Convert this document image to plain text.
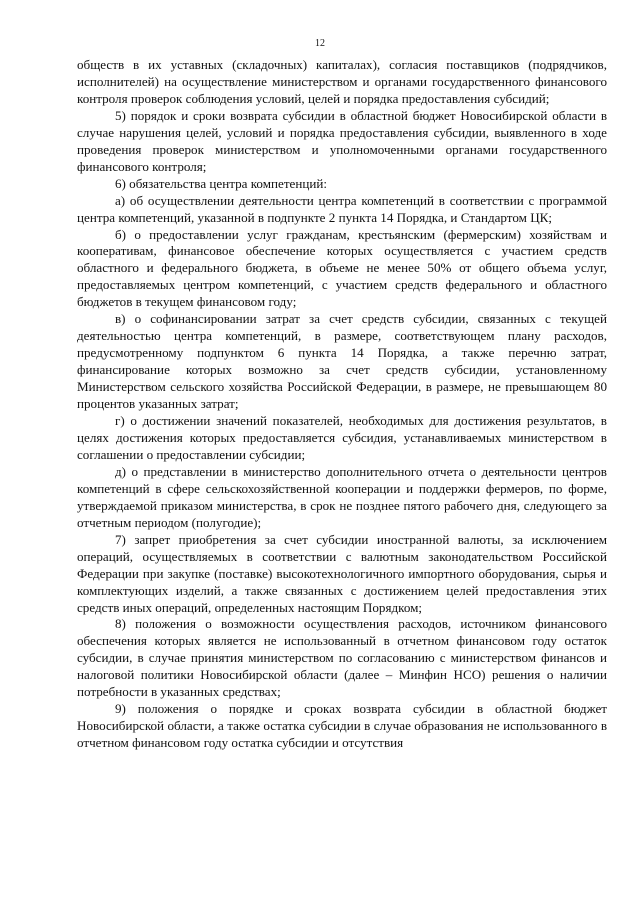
12

обществ в их уставных (складочных) капиталах), согласия поставщиков (подрядчиков, исполнителей) на осуществление министерством и органами государственного финансового контроля проверок соблюдения условий, целей и порядка предоставления субсидий;

5) порядок и сроки возврата субсидии в областной бюджет Новосибирской области в случае нарушения целей, условий и порядка предоставления субсидии, выявленного в ходе проведения проверок министерством и уполномоченными органами государственного финансового контроля;

6) обязательства центра компетенций:

а) об осуществлении деятельности центра компетенций в соответствии с программой центра компетенций, указанной в подпункте 2 пункта 14 Порядка, и Стандартом ЦК;

б) о предоставлении услуг гражданам, крестьянским (фермерским) хозяйствам и кооперативам, финансовое обеспечение которых осуществляется с участием средств областного и федерального бюджета, в объеме не менее 50% от общего объема услуг, предоставляемых центром компетенций, с участием средств федерального и областного бюджетов в текущем финансовом году;

в) о софинансировании затрат за счет средств субсидии, связанных с текущей деятельностью центра компетенций, в размере, соответствующем плану расходов, предусмотренному подпунктом 6 пункта 14 Порядка, а также перечню затрат, финансирование которых возможно за счет средств субсидии, установленному Министерством сельского хозяйства Российской Федерации, в размере, не превышающем 80 процентов указанных затрат;

г) о достижении значений показателей, необходимых для достижения результатов, в целях достижения которых предоставляется субсидия, устанавливаемых министерством в соглашении о предоставлении субсидии;

д) о представлении в министерство дополнительного отчета о деятельности центров компетенций в сфере сельскохозяйственной кооперации и поддержки фермеров, по форме, утверждаемой приказом министерства, в срок не позднее пятого рабочего дня, следующего за отчетным периодом (полугодие);

7) запрет приобретения за счет субсидии иностранной валюты, за исключением операций, осуществляемых в соответствии с валютным законодательством Российской Федерации при закупке (поставке) высокотехнологичного импортного оборудования, сырья и комплектующих изделий, а также связанных с достижением целей предоставления этих средств иных операций, определенных настоящим Порядком;

8) положения о возможности осуществления расходов, источником финансового обеспечения которых является не использованный в отчетном финансовом году остаток субсидии, в случае принятия министерством по согласованию с министерством финансов и налоговой политики Новосибирской области (далее – Минфин НСО) решения о наличии потребности в указанных средствах;

9) положения о порядке и сроках возврата субсидии в областной бюджет Новосибирской области, а также остатка субсидии в случае образования не использованного в отчетном финансовом году остатка субсидии и отсутствия
